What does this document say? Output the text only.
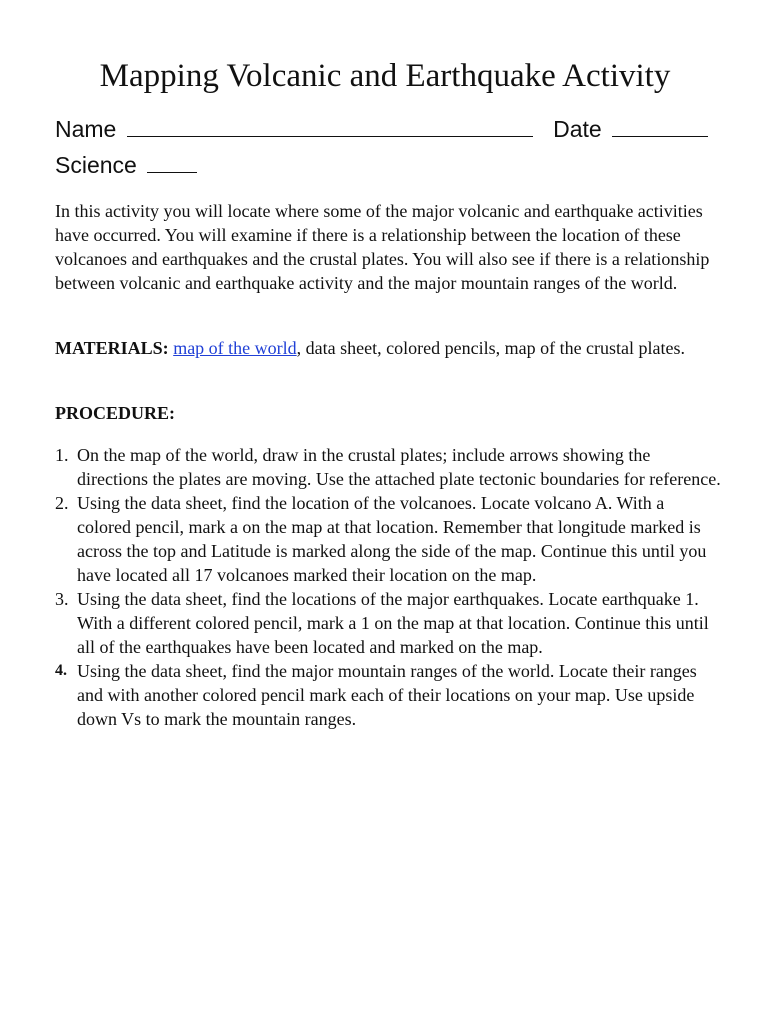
Mapping Volcanic and Earthquake Activity
Name	Date
Science

In this activity you will locate where some of the major volcanic and earthquake activities have occurred. You will examine if there is a relationship between the location of these volcanoes and earthquakes and the crustal plates. You will also see if there is a relationship between volcanic and earthquake activity and the major mountain ranges of the world.

MATERIALS: map of the world, data sheet, colored pencils, map of the crustal plates.

PROCEDURE:
1. On the map of the world, draw in the crustal plates; include arrows showing the directions the plates are moving. Use the attached plate tectonic boundaries for reference.
2. Using the data sheet, find the location of the volcanoes. Locate volcano A. With a colored pencil, mark a on the map at that location. Remember that longitude marked is across the top and Latitude is marked along the side of the map. Continue this until you have located all 17 volcanoes marked their location on the map.
3. Using the data sheet, find the locations of the major earthquakes. Locate earthquake 1. With a different colored pencil, mark a 1 on the map at that location. Continue this until all of the earthquakes have been located and marked on the map.
4. Using the data sheet, find the major mountain ranges of the world. Locate their ranges and with another colored pencil mark each of their locations on your map. Use upside down Vs to mark the mountain ranges.
